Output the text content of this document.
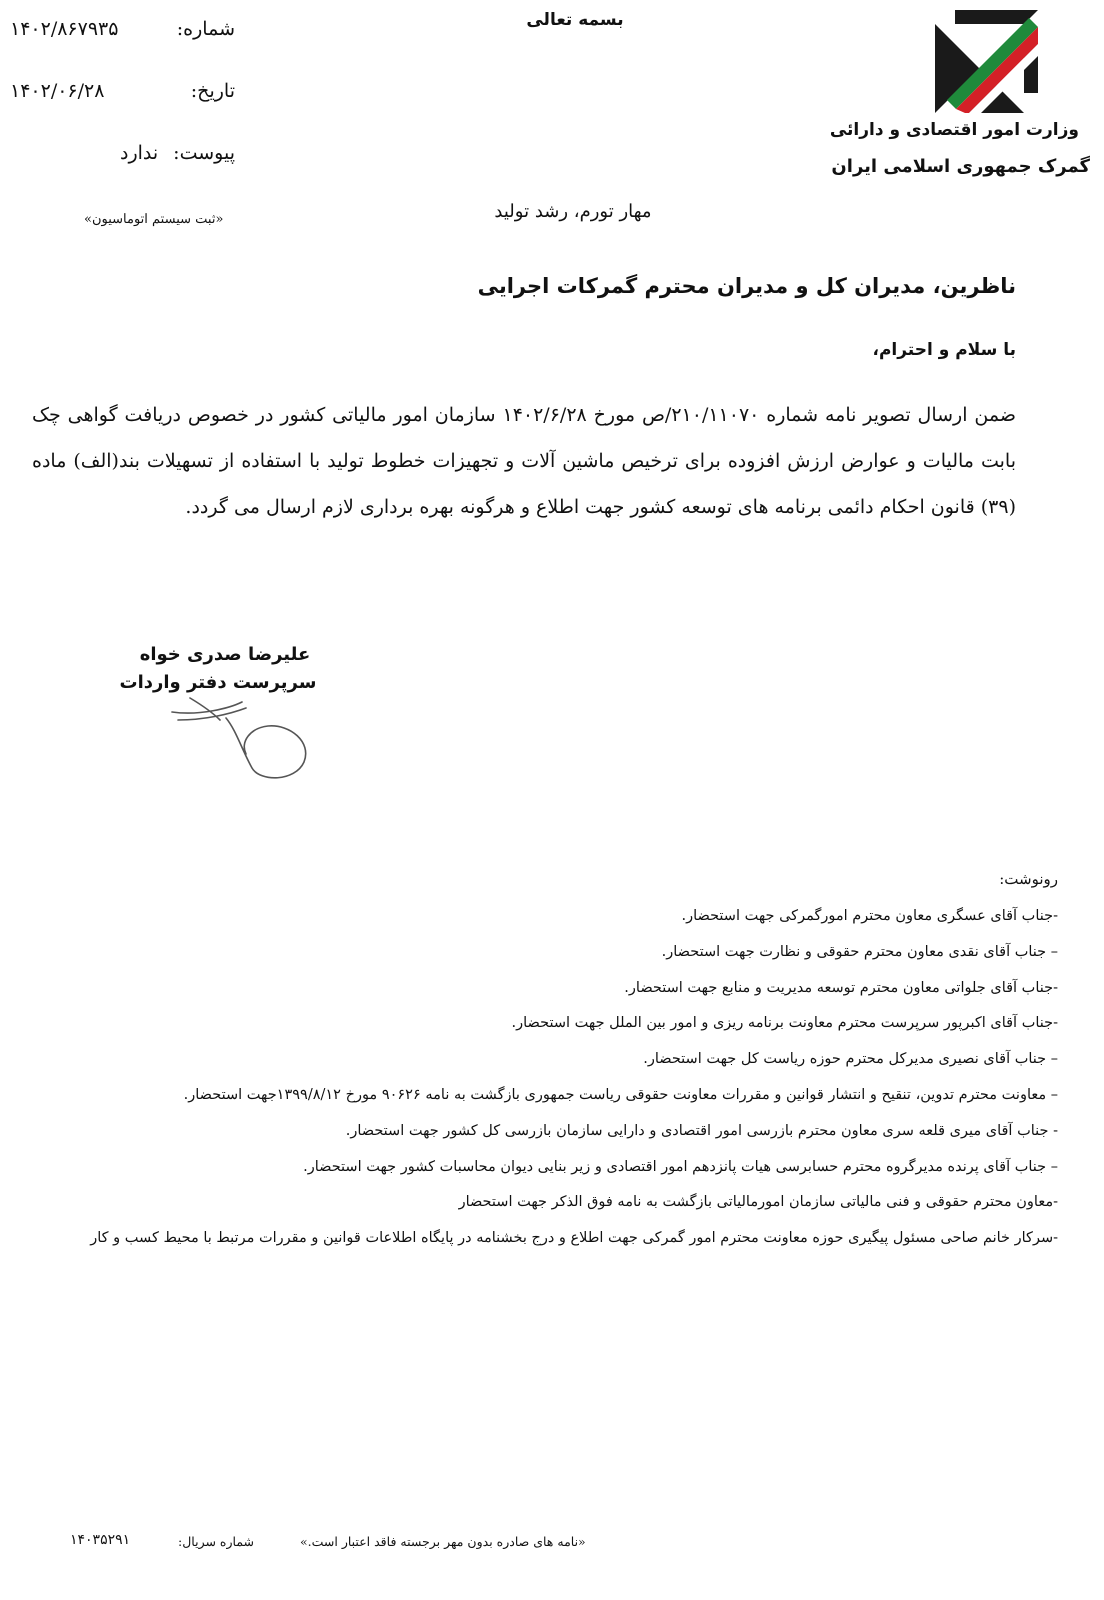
وزارت امور اقتصادی و دارائی
گمرک جمهوری اسلامی ایران
بسمه تعالی
شماره:
۱۴۰۲/۸۶۷۹۳۵
تاریخ:
۱۴۰۲/۰۶/۲۸
پیوست:
ندارد
«ثبت سیستم اتوماسیون»	مهار تورم، رشد تولید
ناظرین، مدیران کل و مدیران محترم گمرکات اجرایی
با سلام و احترام،
ضمن ارسال تصویر نامه شماره ۲۱۰/۱۱۰۷۰/ص مورخ ۱۴۰۲/۶/۲۸ سازمان امور مالیاتی کشور در خصوص دریافت گواهی چک بابت مالیات و عوارض ارزش افزوده برای ترخیص ماشین آلات و تجهیزات خطوط تولید با استفاده از تسهیلات بند(الف) ماده (۳۹) قانون احکام دائمی برنامه های توسعه کشور جهت اطلاع و هرگونه بهره برداری لازم ارسال می گردد.
علیرضا صدری خواه
سرپرست دفتر واردات
رونوشت:
-جناب آقای عسگری معاون محترم امورگمرکی جهت استحضار.
– جناب آقای نقدی معاون محترم حقوقی و نظارت جهت استحضار.
-جناب آقای جلواتی معاون محترم توسعه مدیریت و منابع جهت استحضار.
-جناب آقای اکبرپور سرپرست محترم معاونت برنامه ریزی و امور بین الملل جهت استحضار.
– جناب آقای نصیری مدیرکل محترم حوزه ریاست کل جهت استحضار.
– معاونت محترم تدوین، تنقیح و انتشار قوانین و مقررات معاونت حقوقی ریاست جمهوری بازگشت به نامه ۹۰۶۲۶ مورخ ۱۳۹۹/۸/۱۲جهت استحضار.
- جناب آقای میری قلعه سری معاون محترم بازرسی امور اقتصادی و دارایی سازمان بازرسی کل کشور جهت استحضار.
– جناب آقای پرنده مدیرگروه محترم حسابرسی هیات پانزدهم امور اقتصادی و زیر بنایی دیوان محاسبات کشور جهت استحضار.
-معاون محترم حقوقی و فنی مالیاتی سازمان امورمالیاتی بازگشت به نامه فوق الذکر جهت استحضار
-سرکار خانم صاحی مسئول پیگیری حوزه معاونت محترم امور گمرکی جهت اطلاع و درج بخشنامه در پایگاه اطلاعات قوانین و مقررات مرتبط با محیط کسب و کار
«نامه های صادره بدون مهر برجسته فاقد اعتبار است.»
شماره سریال:
۱۴۰۳۵۲۹۱
